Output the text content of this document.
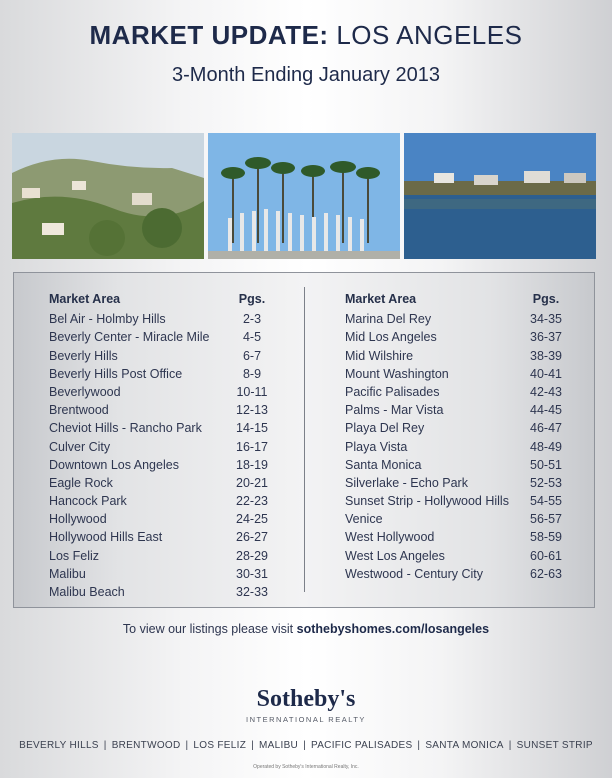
MARKET UPDATE: LOS ANGELES
3-Month Ending January 2013
Market Area	Pgs.
Bel Air - Holmby Hills	2-3
Beverly Center - Miracle Mile	4-5
Beverly Hills	6-7
Beverly Hills Post Office	8-9
Beverlywood	10-11
Brentwood	12-13
Cheviot Hills - Rancho Park	14-15
Culver City	16-17
Downtown Los Angeles	18-19
Eagle Rock	20-21
Hancock Park	22-23
Hollywood	24-25
Hollywood Hills East	26-27
Los Feliz	28-29
Malibu	30-31
Malibu Beach	32-33
Market Area	Pgs.
Marina Del Rey	34-35
Mid Los Angeles	36-37
Mid Wilshire	38-39
Mount Washington	40-41
Pacific Palisades	42-43
Palms - Mar Vista	44-45
Playa Del Rey	46-47
Playa Vista	48-49
Santa Monica	50-51
Silverlake - Echo Park	52-53
Sunset Strip - Hollywood Hills 54-55
Venice	56-57
West Hollywood	58-59
West Los Angeles	60-61
Westwood - Century City	62-63
To view our listings please visit sothebyshomes.com/losangeles
Sotheby's
INTERNATIONAL REALTY
BEVERLY HILLS | BRENTWOOD | LOS FELIZ | MALIBU | PACIFIC PALISADES | SANTA MONICA | SUNSET STRIP
Operated by Sotheby's International Realty, Inc.
